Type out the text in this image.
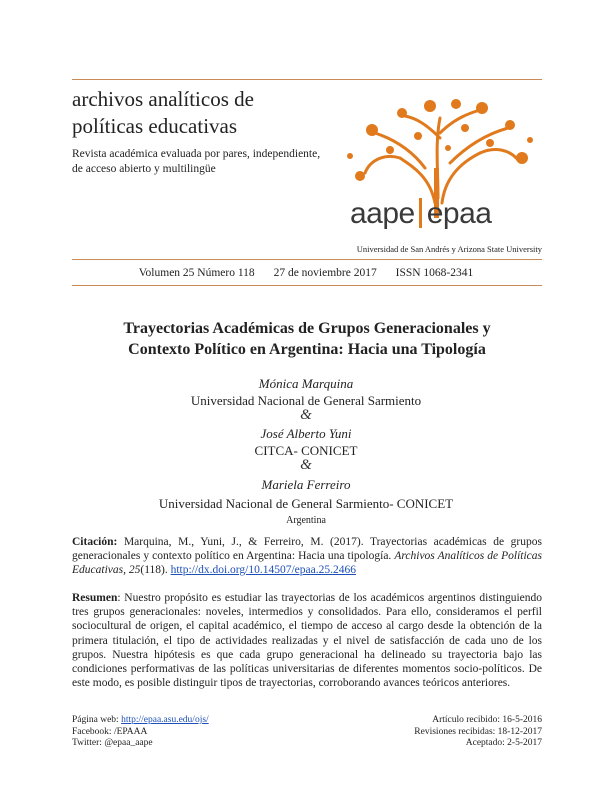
archivos analíticos de
políticas educativas
Revista académica evaluada por pares, independiente,
de acceso abierto y multilingüe
aape epaa
Universidad de San Andrés y Arizona State University
Volumen 25 Número 118 27 de noviembre 2017 ISSN 1068-2341
Trayectorias Académicas de Grupos Generacionales y
Contexto Político en Argentina: Hacia una Tipología
Mónica Marquina
Universidad Nacional de General Sarmiento
&
José Alberto Yuni
CITCA- CONICET
&
Mariela Ferreiro
Universidad Nacional de General Sarmiento- CONICET
Argentina
Citación: Marquina, M., Yuni, J., & Ferreiro, M. (2017). Trayectorias académicas de grupos generacionales y contexto político en Argentina: Hacia una tipología. Archivos Analíticos de Políticas Educativas, 25(118). http://dx.doi.org/10.14507/epaa.25.2466
Resumen: Nuestro propósito es estudiar las trayectorias de los académicos argentinos distinguiendo tres grupos generacionales: noveles, intermedios y consolidados. Para ello, consideramos el perfil sociocultural de origen, el capital académico, el tiempo de acceso al cargo desde la obtención de la primera titulación, el tipo de actividades realizadas y el nivel de satisfacción de cada uno de los grupos. Nuestra hipótesis es que cada grupo generacional ha delineado su trayectoria bajo las condiciones performativas de las políticas universitarias de diferentes momentos socio-políticos. De este modo, es posible distinguir tipos de trayectorias, corroborando avances teóricos anteriores.
Página web: http://epaa.asu.edu/ojs/
Facebook: /EPAAA
Twitter: @epaa_aape
Artículo recibido: 16-5-2016
Revisiones recibidas: 18-12-2017
Aceptado: 2-5-2017
